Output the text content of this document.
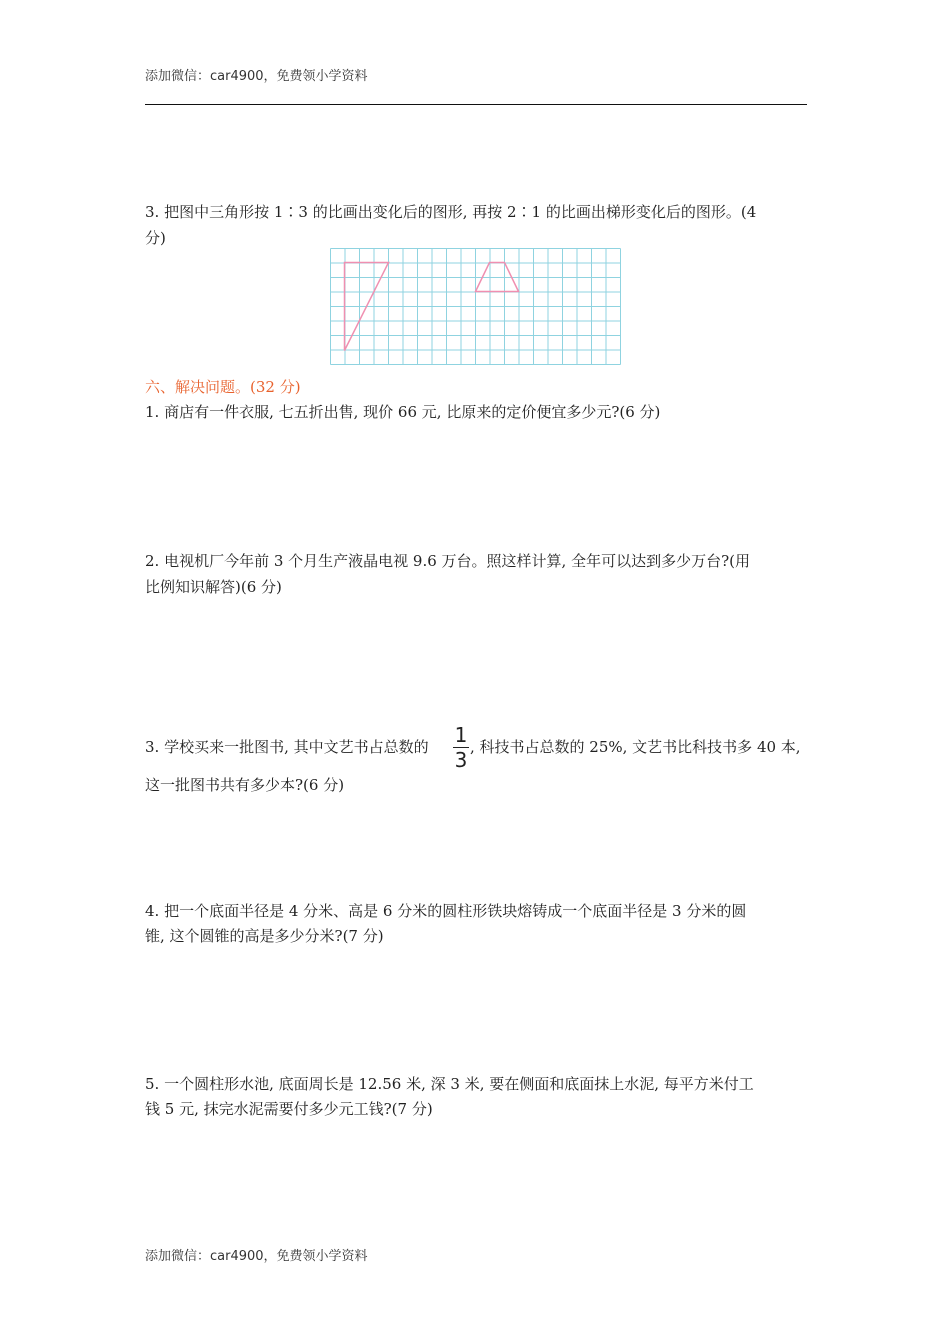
添加微信：car4900，免费领小学资料

3. 把图中三角形按 1∶3 的比画出变化后的图形, 再按 2∶1 的比画出梯形变化后的图形。(4

分)

六、解决问题。(32 分)

1. 商店有一件衣服, 七五折出售, 现价 66 元, 比原来的定价便宜多少元?(6 分)

2. 电视机厂今年前 3 个月生产液晶电视 9.6 万台。照这样计算, 全年可以达到多少万台?(用

比例知识解答)(6 分)

3. 学校买来一批图书, 其中文艺书占总数的 1
3

, 科技书占总数的 25%, 文艺书比科技书多 40 本,

这一批图书共有多少本?(6 分)

4. 把一个底面半径是 4 分米、高是 6 分米的圆柱形铁块熔铸成一个底面半径是 3 分米的圆

锥, 这个圆锥的高是多少分米?(7 分)

5. 一个圆柱形水池, 底面周长是 12.56 米, 深 3 米, 要在侧面和底面抹上水泥, 每平方米付工

钱 5 元, 抹完水泥需要付多少元工钱?(7 分)

添加微信：car4900，免费领小学资料
